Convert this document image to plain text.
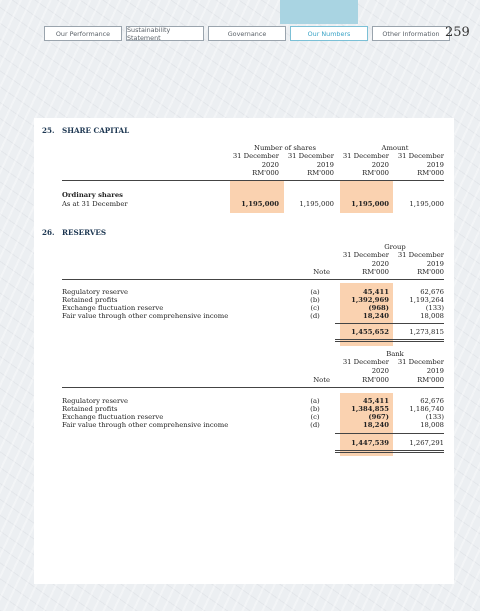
Our Performance	Sustainability Statement	Governance	Our Numbers	Other Information 259
25. SHARE CAPITAL
Number of shares	Amount
31 December	31 December	31 December	31 December
2020	2019	2020	2019
RM'000	RM'000	RM'000	RM'000
Ordinary shares
As at 31 December	1,195,000	1,195,000	1,195,000	1,195,000
26. RESERVES
Group
31 December	31 December
2020	2019
Note	RM'000	RM'000
Regulatory reserve	(a)	45,411	62,676
Retained profits	(b)	1,392,969	1,193,264
Exchange fluctuation reserve	(c)	(968)	(133)
Fair value through other comprehensive income	(d)	18,240	18,008
1,455,652	1,273,815
Bank
31 December	31 December
2020	2019
Note	RM'000	RM'000
Regulatory reserve	(a)	45,411	62,676
Retained profits	(b)	1,384,855	1,186,740
Exchange fluctuation reserve	(c)	(967)	(133)
Fair value through other comprehensive income	(d)	18,240	18,008
1,447,539	1,267,291
